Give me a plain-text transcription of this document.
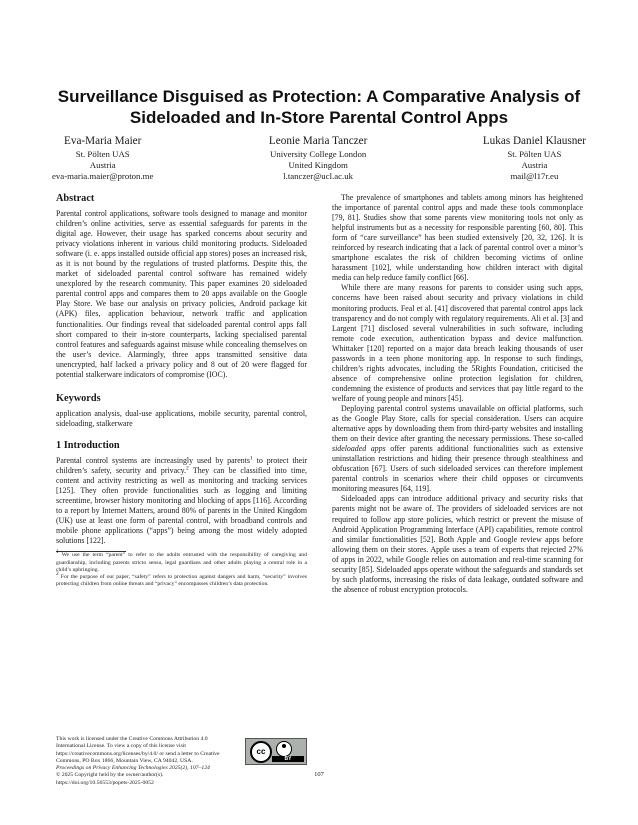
Surveillance Disguised as Protection: A Comparative Analysis of Sideloaded and In-Store Parental Control Apps
Eva-Maria Maier
St. Pölten UAS
Austria
eva-maria.maier@proton.me
Leonie Maria Tanczer
University College London
United Kingdom
l.tanczer@ucl.ac.uk
Lukas Daniel Klausner
St. Pölten UAS
Austria
mail@l17r.eu
Abstract

Parental control applications, software tools designed to manage and monitor children’s online activities, serve as essential safeguards for parents in the digital age. However, their usage has sparked concerns about security and privacy violations inherent in various child monitoring products. Sideloaded software (i. e. apps installed outside official app stores) poses an increased risk, as it is not bound by the regulations of trusted platforms. Despite this, the market of sideloaded parental control software has remained widely unexplored by the research community. This paper examines 20 sideloaded parental control apps and compares them to 20 apps available on the Google Play Store. We base our analysis on privacy policies, Android package kit (APK) files, application behaviour, network traffic and application functionalities. Our findings reveal that sideloaded parental control apps fall short compared to their in-store counterparts, lacking specialised parental control features and safeguards against misuse while concealing themselves on the user’s device. Alarmingly, three apps transmitted sensitive data unencrypted, half lacked a privacy policy and 8 out of 20 were flagged for potential stalkerware indicators of compromise (IOC).

Keywords

application analysis, dual-use applications, mobile security, parental control, sideloading, stalkerware

1 Introduction

Parental control systems are increasingly used by parents$^1$ to protect their children’s safety, security and privacy.$^2$ They can be classified into time, content and activity restricting as well as monitoring and tracking services [125]. They often provide functionalities such as logging and limiting screentime, browser history monitoring and blocking of apps [116]. According to a report by Internet Matters, around 80% of parents in the United Kingdom (UK) use at least one form of parental control, with broadband controls and mobile phone applications (“apps”) being among the most widely adopted solutions [122].

$^1$ We use the term “parent” to refer to the adults entrusted with the responsibility of caregiving and guardianship, including parents stricto sensu, legal guardians and other adults playing a central role in a child’s upbringing.

$^2$ For the purpose of our paper, “safety” refers to protection against dangers and harm, “security” involves protecting children from online threats and “privacy” encompasses children’s data protection.

This work is licensed under the Creative Commons Attribution 4.0 International License. To view a copy of this license visit https://creativecommons.org/licenses/by/4.0/ or send a letter to Creative Commons, PO Box 1866, Mountain View, CA 94042, USA.

cc
BY

Proceedings on Privacy Enhancing Technologies 2025(2), 107–124

© 2025 Copyright held by the owner/author(s).

https://doi.org/10.56553/popets-2025-0052

The prevalence of smartphones and tablets among minors has heightened the importance of parental control apps and made these tools commonplace [79, 81]. Studies show that some parents view monitoring tools not only as helpful instruments but as a necessity for responsible parenting [60, 80]. This form of “care surveillance” has been studied extensively [20, 32, 126]. It is reinforced by research indicating that a lack of parental control over a minor’s smartphone escalates the risk of children becoming victims of online harassment [102], while understanding how children interact with digital media can help reduce family conflict [66].

While there are many reasons for parents to consider using such apps, concerns have been raised about security and privacy violations in child monitoring products. Feal et al. [41] discovered that parental control apps lack transparency and do not comply with regulatory requirements. Ali et al. [3] and Largent [71] disclosed several vulnerabilities in such software, including remote code execution, authentication bypass and device malfunction. Whittaker [120] reported on a major data breach leaking thousands of user passwords in a teen phone monitoring app. In response to such findings, children’s rights advocates, including the 5Rights Foundation, criticised the absence of comprehensive online protection legislation for children, condemning the existence of products and services that pay little regard to the welfare of young people and minors [45].

Deploying parental control systems unavailable on official platforms, such as the Google Play Store, calls for special consideration. Users can acquire alternative apps by downloading them from third-party websites and installing them on their device after granting the necessary permissions. These so-called sideloaded apps offer parents additional functionalities such as extensive uninstallation restrictions and hiding their presence through stealthiness and obfuscation [67]. Users of such sideloaded services can therefore implement parental controls in scenarios where their child opposes or circumvents monitoring measures [64, 119].

Sideloaded apps can introduce additional privacy and security risks that parents might not be aware of. The providers of sideloaded services are not required to follow app store policies, which restrict or prevent the misuse of Android Application Programming Interface (API) capabilities, remote control and similar functionalities [52]. Both Apple and Google review apps before allowing them on their stores. Apple uses a team of experts that rejected 27% of apps in 2022, while Google relies on automation and real-time scanning for security [85]. Sideloaded apps operate without the safeguards and standards set by such platforms, increasing the risks of data leakage, outdated software and the absence of robust encryption protocols.

107
